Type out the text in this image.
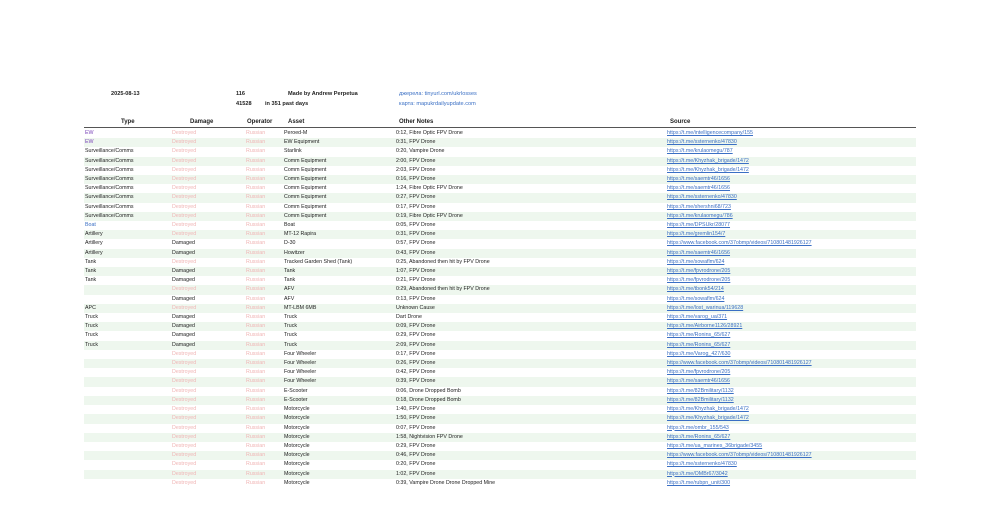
2025-08-13	116
41528 in 351 past days
Made by Andrew Perpetua	джерела: tinyurl.com/ukrlosses
карта: mapukrdailyupdate.com
Type	Damage	Operator	Asset	Other Notes	Source
EW	Destroyed	Russian	Peroed-M	0:12, Fibre Optic FPV Drone	https://t.me/intelligencecompany/155
EW	Destroyed	Russian	EW Equipment	0:31, FPV Drone	https://t.me/ssternenko/47830
Surveillance/Comms	Destroyed	Russian	Starlink	0:20, Vampire Drone	https://t.me/krulaomegu/787
Surveillance/Comms	Destroyed	Russian	Comm Equipment	2:00, FPV Drone	https://t.me/Khyzhak_brigade/1472
Surveillance/Comms	Destroyed	Russian	Comm Equipment	2:03, FPV Drone	https://t.me/Khyzhak_brigade/1472
Surveillance/Comms	Destroyed	Russian	Comm Equipment	0:16, FPV Drone	https://t.me/saemtr46/1656
Surveillance/Comms	Destroyed	Russian	Comm Equipment	1:24, Fibre Optic FPV Drone	https://t.me/saemtr46/1656
Surveillance/Comms	Destroyed	Russian	Comm Equipment	0:27, FPV Drone	https://t.me/ssternenko/47830
Surveillance/Comms	Destroyed	Russian	Comm Equipment	0:17, FPV Drone	https://t.me/shershni68/723
Surveillance/Comms	Destroyed	Russian	Comm Equipment	0:19, Fibre Optic FPV Drone	https://t.me/krulaomegu/786
Boat	Destroyed	Russian	Boat	0:05, FPV Drone	https://t.me/DPSUkr/28077
Artillery	Destroyed	Russian	MT-12 Rapira	0:31, FPV Drone	https://t.me/gremlin154/7
Artillery	Damaged	Russian	D-30	0:57, FPV Drone	https://www.facebook.com/37obmp/videos/710801481926127
Artillery	Damaged	Russian	Howitzer	0:43, FPV Drone	https://t.me/saemtr46/1656
Tank	Destroyed	Russian	Tracked Garden Shed (Tank)	0:25, Abandoned then hit by FPV Drone	https://t.me/sowaflm/624
Tank	Damaged	Russian	Tank	1:07, FPV Drone	https://t.me/fpvrodrone/205
Tank	Damaged	Russian	Tank	0:21, FPV Drone	https://t.me/fpvrodrone/205
	Destroyed	Russian	AFV	0:29, Abandoned then hit by FPV Drone	https://t.me/tbonk54/214
	Damaged	Russian	AFV	0:13, FPV Drone	https://t.me/sowaflm/624
APC	Destroyed	Russian	MT-LBM 6MB	Unknown Cause	https://t.me/lost_warinua/119628
Truck	Damaged	Russian	Truck	Dart Drone	https://t.me/varog_ua/371
Truck	Damaged	Russian	Truck	0:09, FPV Drone	https://t.me/Airborne1126/28921
Truck	Damaged	Russian	Truck	0:29, FPV Drone	https://t.me/Ronins_65/627
Truck	Damaged	Russian	Truck	2:09, FPV Drone	https://t.me/Ronins_65/627
	Destroyed	Russian	Four Wheeler	0:17, FPV Drone	https://t.me/Varog_427/630
	Destroyed	Russian	Four Wheeler	0:26, FPV Drone	https://www.facebook.com/37obmp/videos/710801481926127
	Destroyed	Russian	Four Wheeler	0:42, FPV Drone	https://t.me/fpvrodrone/205
	Destroyed	Russian	Four Wheeler	0:39, FPV Drone	https://t.me/saemtr46/1656
	Destroyed	Russian	E-Scooter	0:06, Drone Dropped Bomb	https://t.me/82Bmilitary/1132
	Destroyed	Russian	E-Scooter	0:18, Drone Dropped Bomb	https://t.me/82Bmilitary/1132
	Destroyed	Russian	Motorcycle	1:40, FPV Drone	https://t.me/Khyzhak_brigade/1472
	Destroyed	Russian	Motorcycle	1:50, FPV Drone	https://t.me/Khyzhak_brigade/1472
	Destroyed	Russian	Motorcycle	0:07, FPV Drone	https://t.me/ombr_155/543
	Destroyed	Russian	Motorcycle	1:58, Nightvision FPV Drone	https://t.me/Ronins_65/627
	Destroyed	Russian	Motorcycle	0:29, FPV Drone	https://t.me/ua_marines_36brigade/3455
	Destroyed	Russian	Motorcycle	0:46, FPV Drone	https://www.facebook.com/37obmp/videos/710801481926127
	Destroyed	Russian	Motorcycle	0:20, FPV Drone	https://t.me/ssternenko/47830
	Destroyed	Russian	Motorcycle	1:02, FPV Drone	https://t.me/OMBr67/3042
	Destroyed	Russian	Motorcycle	0:39, Vampire Drone Drone Dropped Mine	https://t.me/rubpn_unit/300
